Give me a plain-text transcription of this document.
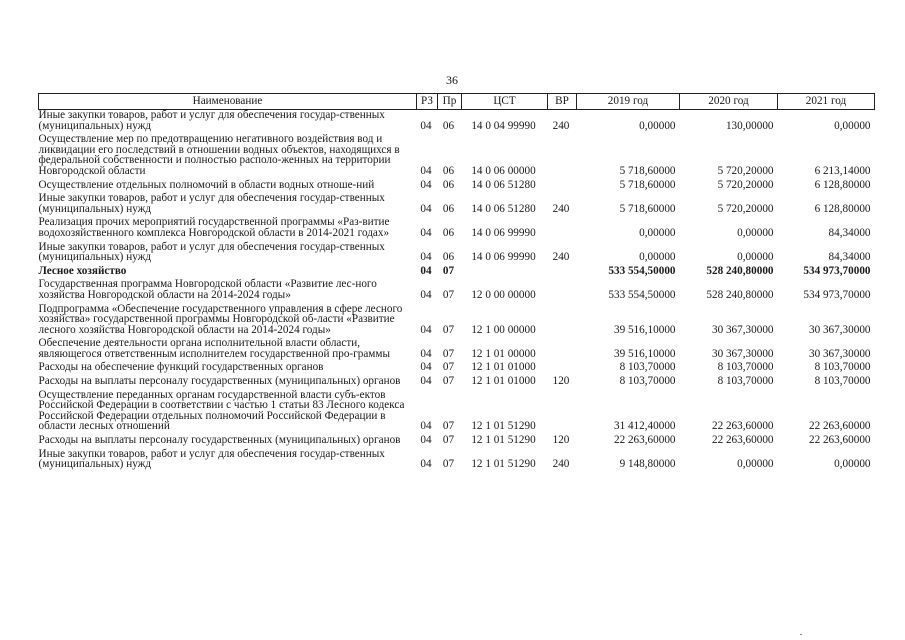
36
Наименование	РЗ	Пр	ЦСТ	ВР	2019 год	2020 год	2021 год
Иные закупки товаров, работ и услуг для обеспечения государ-ственных (муниципальных) нужд	04	06	14 0 04 99990	240	0,00000	130,00000	0,00000
Осуществление мер по предотвращению негативного воздействия вод и ликвидации его последствий в отношении водных объектов, находящихся в федеральной собственности и полностью располо-женных на территории Новгородской области	04	06	14 0 06 00000		5 718,60000	5 720,20000	6 213,14000
Осуществление отдельных полномочий в области водных отноше-ний	04	06	14 0 06 51280		5 718,60000	5 720,20000	6 128,80000
Иные закупки товаров, работ и услуг для обеспечения государ-ственных (муниципальных) нужд	04	06	14 0 06 51280	240	5 718,60000	5 720,20000	6 128,80000
Реализация прочих мероприятий государственной программы «Раз-витие водохозяйственного комплекса Новгородской области в 2014-2021 годах»	04	06	14 0 06 99990		0,00000	0,00000	84,34000
Иные закупки товаров, работ и услуг для обеспечения государ-ственных (муниципальных) нужд	04	06	14 0 06 99990	240	0,00000	0,00000	84,34000
Лесное хозяйство	04	07			533 554,50000	528 240,80000	534 973,70000
Государственная программа Новгородской области «Развитие лес-ного хозяйства Новгородской области на 2014-2024 годы»	04	07	12 0 00 00000		533 554,50000	528 240,80000	534 973,70000
Подпрограмма «Обеспечение государственного управления в сфере лесного хозяйства» государственной программы Новгородской об-ласти «Развитие лесного хозяйства Новгородской области на 2014-2024 годы»	04	07	12 1 00 00000		39 516,10000	30 367,30000	30 367,30000
Обеспечение деятельности органа исполнительной власти области, являющегося ответственным исполнителем государственной про-граммы	04	07	12 1 01 00000		39 516,10000	30 367,30000	30 367,30000
Расходы на обеспечение функций государственных органов	04	07	12 1 01 01000		8 103,70000	8 103,70000	8 103,70000
Расходы на выплаты персоналу государственных (муниципальных) органов	04	07	12 1 01 01000	120	8 103,70000	8 103,70000	8 103,70000
Осуществление переданных органам государственной власти субъ-ектов Российской Федерации в соответствии с частью 1 статьи 83 Лесного кодекса Российской Федерации отдельных полномочий Российской Федерации в области лесных отношений	04	07	12 1 01 51290		31 412,40000	22 263,60000	22 263,60000
Расходы на выплаты персоналу государственных (муниципальных) органов	04	07	12 1 01 51290	120	22 263,60000	22 263,60000	22 263,60000
Иные закупки товаров, работ и услуг для обеспечения государ-ственных (муниципальных) нужд	04	07	12 1 01 51290	240	9 148,80000	0,00000	0,00000
